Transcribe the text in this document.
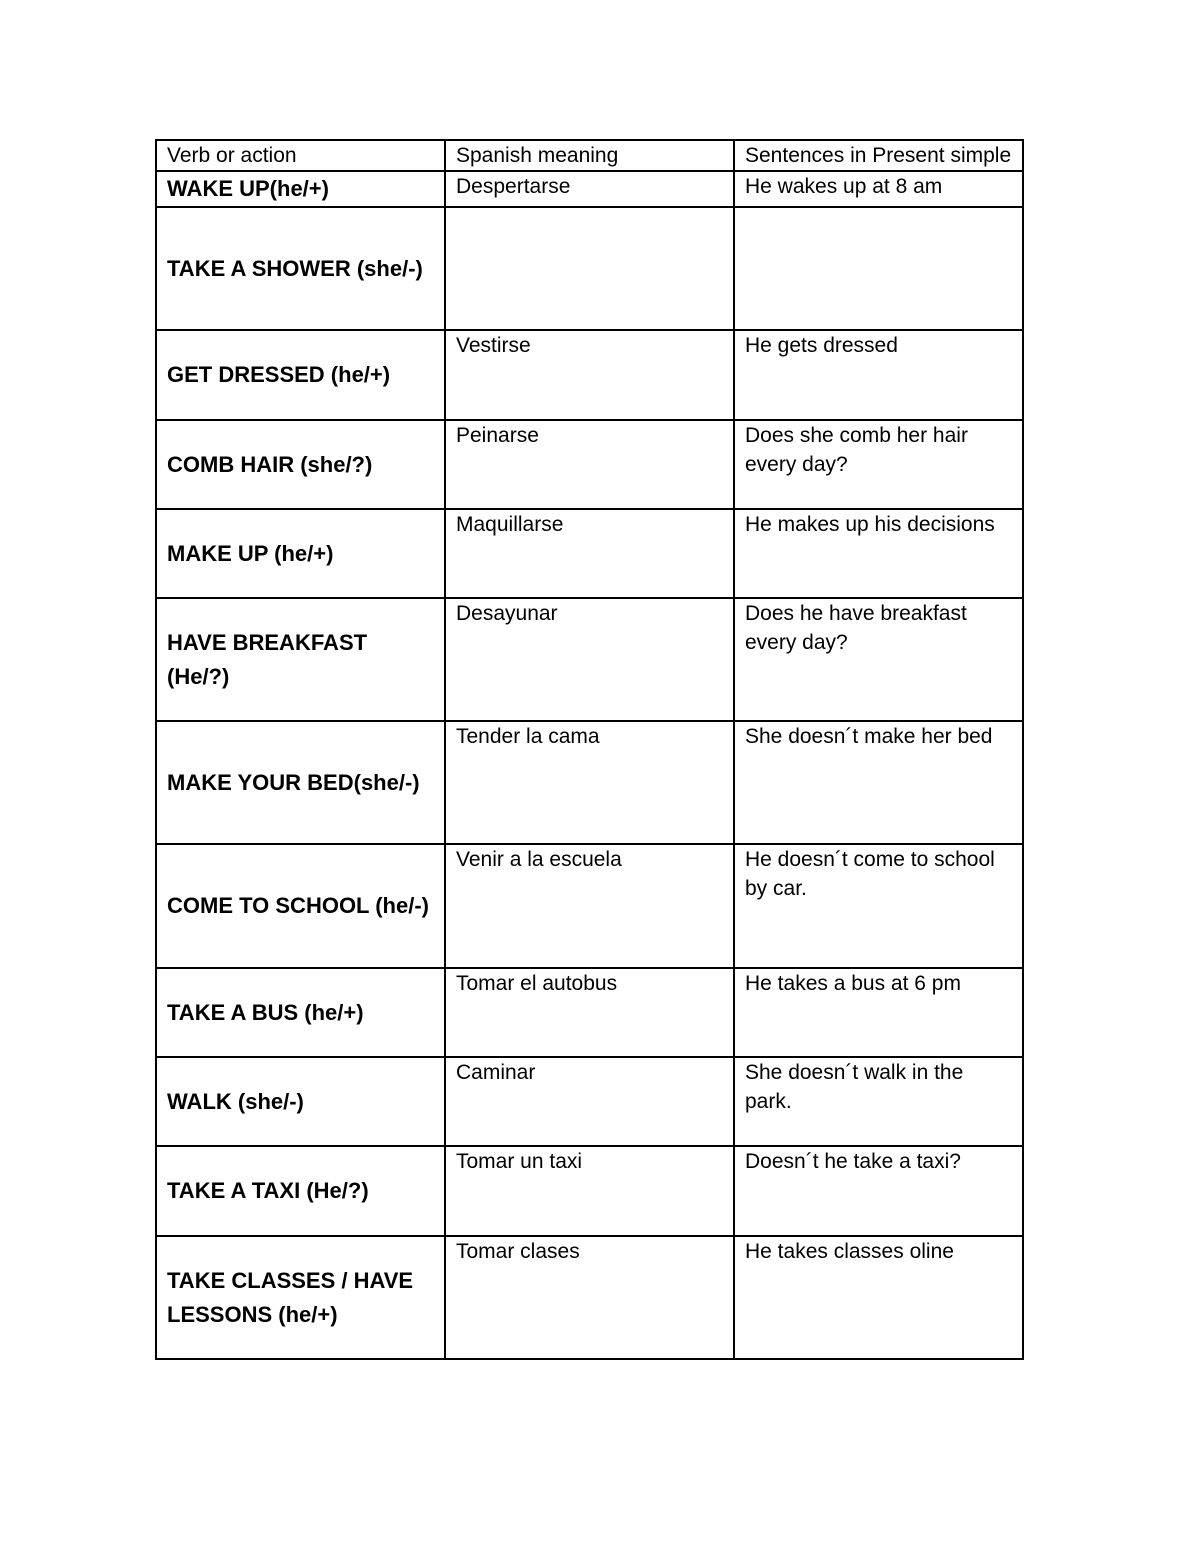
Verb or action	Spanish meaning	Sentences in Present simple
WAKE UP(he/+)	Despertarse	He wakes up at 8 am
TAKE A SHOWER (she/-)		
GET DRESSED (he/+)	Vestirse	He gets dressed
COMB HAIR (she/?)	Peinarse	Does she comb her hair every day?
MAKE UP (he/+)	Maquillarse	He makes up his decisions
HAVE BREAKFAST (He/?)	Desayunar	Does he have breakfast every day?
MAKE YOUR BED(she/-)	Tender la cama	She doesn´t make her bed
COME TO SCHOOL (he/-)	Venir a la escuela	He doesn´t come to school by car.
TAKE A BUS (he/+)	Tomar el autobus	He takes a bus at 6 pm
WALK (she/-)	Caminar	She doesn´t walk in the park.
TAKE A TAXI (He/?)	Tomar un taxi	Doesn´t he take a taxi?
TAKE CLASSES / HAVE LESSONS (he/+)	Tomar clases	He takes classes oline
